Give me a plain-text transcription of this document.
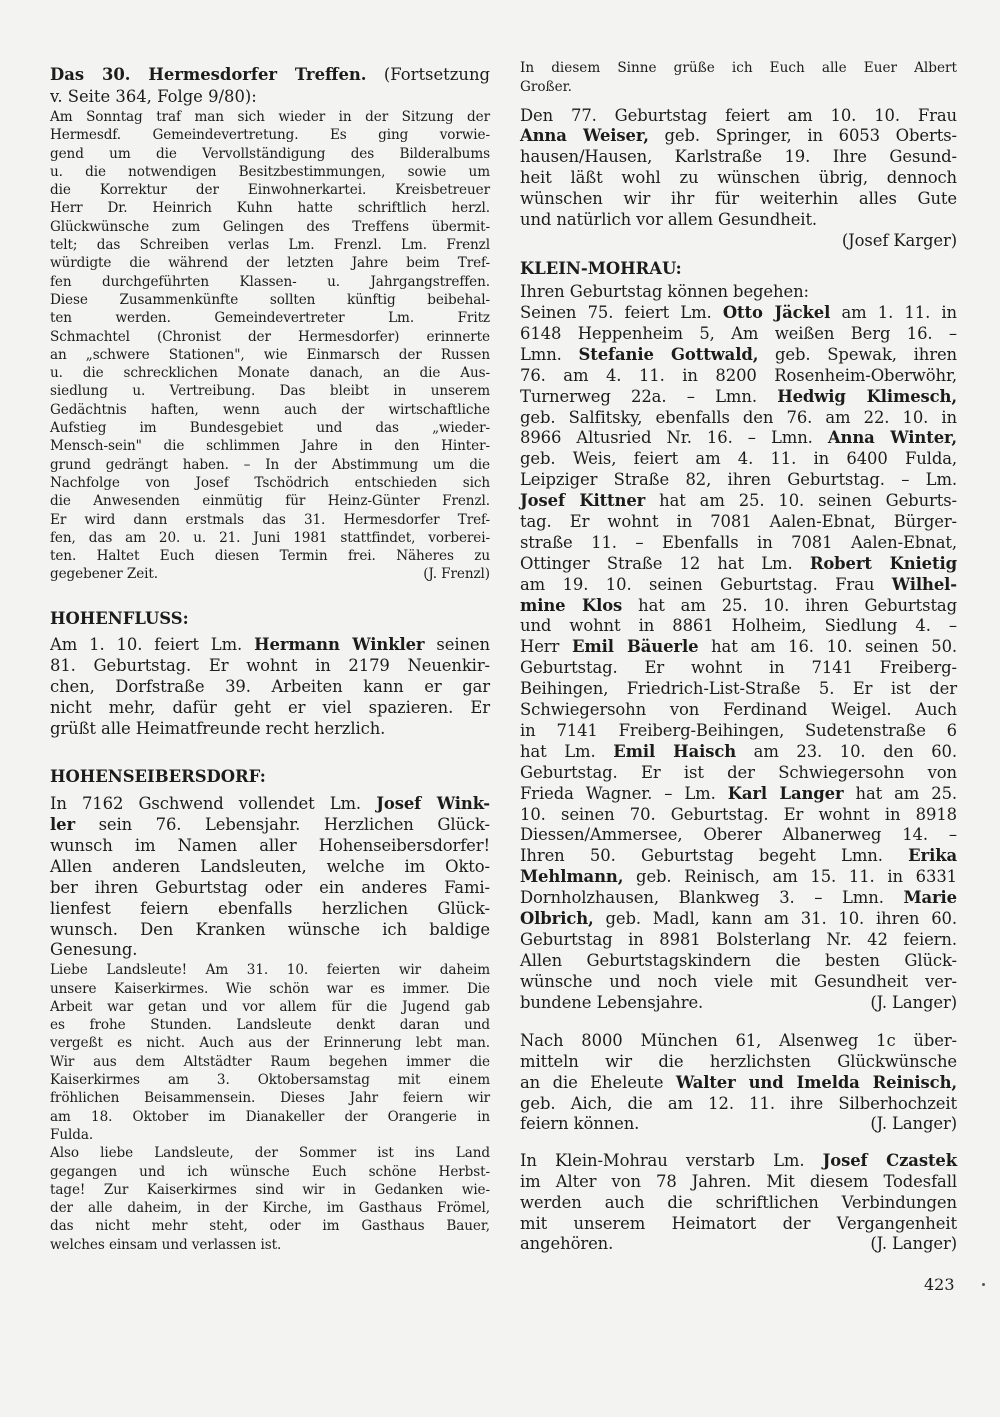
Das 30. Hermesdorfer Treffen. (Fortsetzung
v. Seite 364, Folge 9/80):
Am Sonntag traf man sich wieder in der Sitzung der
Hermesdf. Gemeindevertretung. Es ging vorwie-
gend um die Vervollständigung des Bilderalbums
u. die notwendigen Besitzbestimmungen, sowie um
die Korrektur der Einwohnerkartei. Kreisbetreuer
Herr Dr. Heinrich Kuhn hatte schriftlich herzl.
Glückwünsche zum Gelingen des Treffens übermit-
telt; das Schreiben verlas Lm. Frenzl. Lm. Frenzl
würdigte die während der letzten Jahre beim Tref-
fen durchgeführten Klassen- u. Jahrgangstreffen.
Diese Zusammenkünfte sollten künftig beibehal-
ten werden. Gemeindevertreter Lm. Fritz
Schmachtel (Chronist der Hermesdorfer) erinnerte
an „schwere Stationen", wie Einmarsch der Russen
u. die schrecklichen Monate danach, an die Aus-
siedlung u. Vertreibung. Das bleibt in unserem
Gedächtnis haften, wenn auch der wirtschaftliche
Aufstieg im Bundesgebiet und das „wieder-
Mensch-sein" die schlimmen Jahre in den Hinter-
grund gedrängt haben. – In der Abstimmung um die
Nachfolge von Josef Tschödrich entschieden sich
die Anwesenden einmütig für Heinz-Günter Frenzl.
Er wird dann erstmals das 31. Hermesdorfer Tref-
fen, das am 20. u. 21. Juni 1981 stattfindet, vorberei-
ten. Haltet Euch diesen Termin frei. Näheres zu
gegebener Zeit.	(J. Frenzl)
HOHENFLUSS:
Am 1. 10. feiert Lm. Hermann Winkler seinen
81. Geburtstag. Er wohnt in 2179 Neuenkir-
chen, Dorfstraße 39. Arbeiten kann er gar
nicht mehr, dafür geht er viel spazieren. Er
grüßt alle Heimatfreunde recht herzlich.
HOHENSEIBERSDORF:
In 7162 Gschwend vollendet Lm. Josef Wink-
ler sein 76. Lebensjahr. Herzlichen Glück-
wunsch im Namen aller Hohenseibersdorfer!
Allen anderen Landsleuten, welche im Okto-
ber ihren Geburtstag oder ein anderes Fami-
lienfest feiern ebenfalls herzlichen Glück-
wunsch. Den Kranken wünsche ich baldige
Genesung.
Liebe Landsleute! Am 31. 10. feierten wir daheim
unsere Kaiserkirmes. Wie schön war es immer. Die
Arbeit war getan und vor allem für die Jugend gab
es frohe Stunden. Landsleute denkt daran und
vergeßt es nicht. Auch aus der Erinnerung lebt man.
Wir aus dem Altstädter Raum begehen immer die
Kaiserkirmes am 3. Oktobersamstag mit einem
fröhlichen Beisammensein. Dieses Jahr feiern wir
am 18. Oktober im Dianakeller der Orangerie in
Fulda.
Also liebe Landsleute, der Sommer ist ins Land
gegangen und ich wünsche Euch schöne Herbst-
tage! Zur Kaiserkirmes sind wir in Gedanken wie-
der alle daheim, in der Kirche, im Gasthaus Frömel,
das nicht mehr steht, oder im Gasthaus Bauer,
welches einsam und verlassen ist.
In diesem Sinne grüße ich Euch alle Euer Albert
Großer.
Den 77. Geburtstag feiert am 10. 10. Frau
Anna Weiser, geb. Springer, in 6053 Oberts-
hausen/Hausen, Karlstraße 19. Ihre Gesund-
heit läßt wohl zu wünschen übrig, dennoch
wünschen wir ihr für weiterhin alles Gute
und natürlich vor allem Gesundheit.
(Josef Karger)
KLEIN-MOHRAU:
Ihren Geburtstag können begehen:
Seinen 75. feiert Lm. Otto Jäckel am 1. 11. in
6148 Heppenheim 5, Am weißen Berg 16. –
Lmn. Stefanie Gottwald, geb. Spewak, ihren
76. am 4. 11. in 8200 Rosenheim-Oberwöhr,
Turnerweg 22a. – Lmn. Hedwig Klimesch,
geb. Salfitsky, ebenfalls den 76. am 22. 10. in
8966 Altusried Nr. 16. – Lmn. Anna Winter,
geb. Weis, feiert am 4. 11. in 6400 Fulda,
Leipziger Straße 82, ihren Geburtstag. – Lm.
Josef Kittner hat am 25. 10. seinen Geburts-
tag. Er wohnt in 7081 Aalen-Ebnat, Bürger-
straße 11. – Ebenfalls in 7081 Aalen-Ebnat,
Ottinger Straße 12 hat Lm. Robert Knietig
am 19. 10. seinen Geburtstag. Frau Wilhel-
mine Klos hat am 25. 10. ihren Geburtstag
und wohnt in 8861 Holheim, Siedlung 4. –
Herr Emil Bäuerle hat am 16. 10. seinen 50.
Geburtstag. Er wohnt in 7141 Freiberg-
Beihingen, Friedrich-List-Straße 5. Er ist der
Schwiegersohn von Ferdinand Weigel. Auch
in 7141 Freiberg-Beihingen, Sudetenstraße 6
hat Lm. Emil Haisch am 23. 10. den 60.
Geburtstag. Er ist der Schwiegersohn von
Frieda Wagner. – Lm. Karl Langer hat am 25.
10. seinen 70. Geburtstag. Er wohnt in 8918
Diessen/Ammersee, Oberer Albanerweg 14. –
Ihren 50. Geburtstag begeht Lmn. Erika
Mehlmann, geb. Reinisch, am 15. 11. in 6331
Dornholzhausen, Blankweg 3. – Lmn. Marie
Olbrich, geb. Madl, kann am 31. 10. ihren 60.
Geburtstag in 8981 Bolsterlang Nr. 42 feiern.
Allen Geburtstagskindern die besten Glück-
wünsche und noch viele mit Gesundheit ver-
bundene Lebensjahre.	(J. Langer)
Nach 8000 München 61, Alsenweg 1c über-
mitteln wir die herzlichsten Glückwünsche
an die Eheleute Walter und Imelda Reinisch,
geb. Aich, die am 12. 11. ihre Silberhochzeit
feiern können.	(J. Langer)
In Klein-Mohrau verstarb Lm. Josef Czastek
im Alter von 78 Jahren. Mit diesem Todesfall
werden auch die schriftlichen Verbindungen
mit unserem Heimatort der Vergangenheit
angehören.	(J. Langer)
423
